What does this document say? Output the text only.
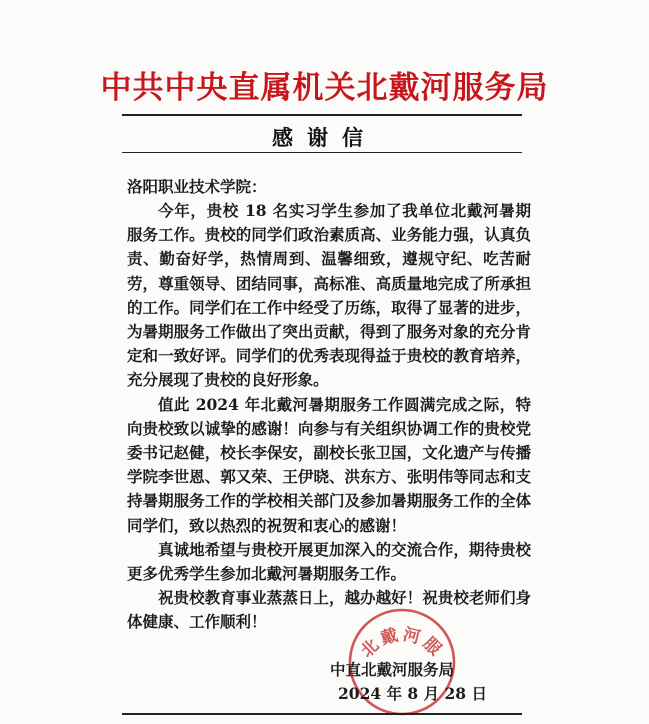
中共中央直属机关北戴河服务局
感谢信
洛阳职业技术学院：

今年，贵校 18 名实习学生参加了我单位北戴河暑期服务工作。贵校的同学们政治素质高、业务能力强，认真负责、勤奋好学，热情周到、温馨细致，遵规守纪、吃苦耐劳，尊重领导、团结同事，高标准、高质量地完成了所承担的工作。同学们在工作中经受了历练，取得了显著的进步，为暑期服务工作做出了突出贡献，得到了服务对象的充分肯定和一致好评。同学们的优秀表现得益于贵校的教育培养，充分展现了贵校的良好形象。

值此 2024 年北戴河暑期服务工作圆满完成之际，特向贵校致以诚挚的感谢！向参与有关组织协调工作的贵校党委书记赵健，校长李保安，副校长张卫国，文化遗产与传播学院李世恩、郭又荣、王伊晓、洪东方、张明伟等同志和支持暑期服务工作的学校相关部门及参加暑期服务工作的全体同学们，致以热烈的祝贺和衷心的感谢！

真诚地希望与贵校开展更加深入的交流合作，期待贵校更多优秀学生参加北戴河暑期服务工作。

祝贵校教育事业蒸蒸日上，越办越好！祝贵校老师们身体健康、工作顺利！

北戴河服
中直北戴河服务局
2024 年 8 月 28 日
